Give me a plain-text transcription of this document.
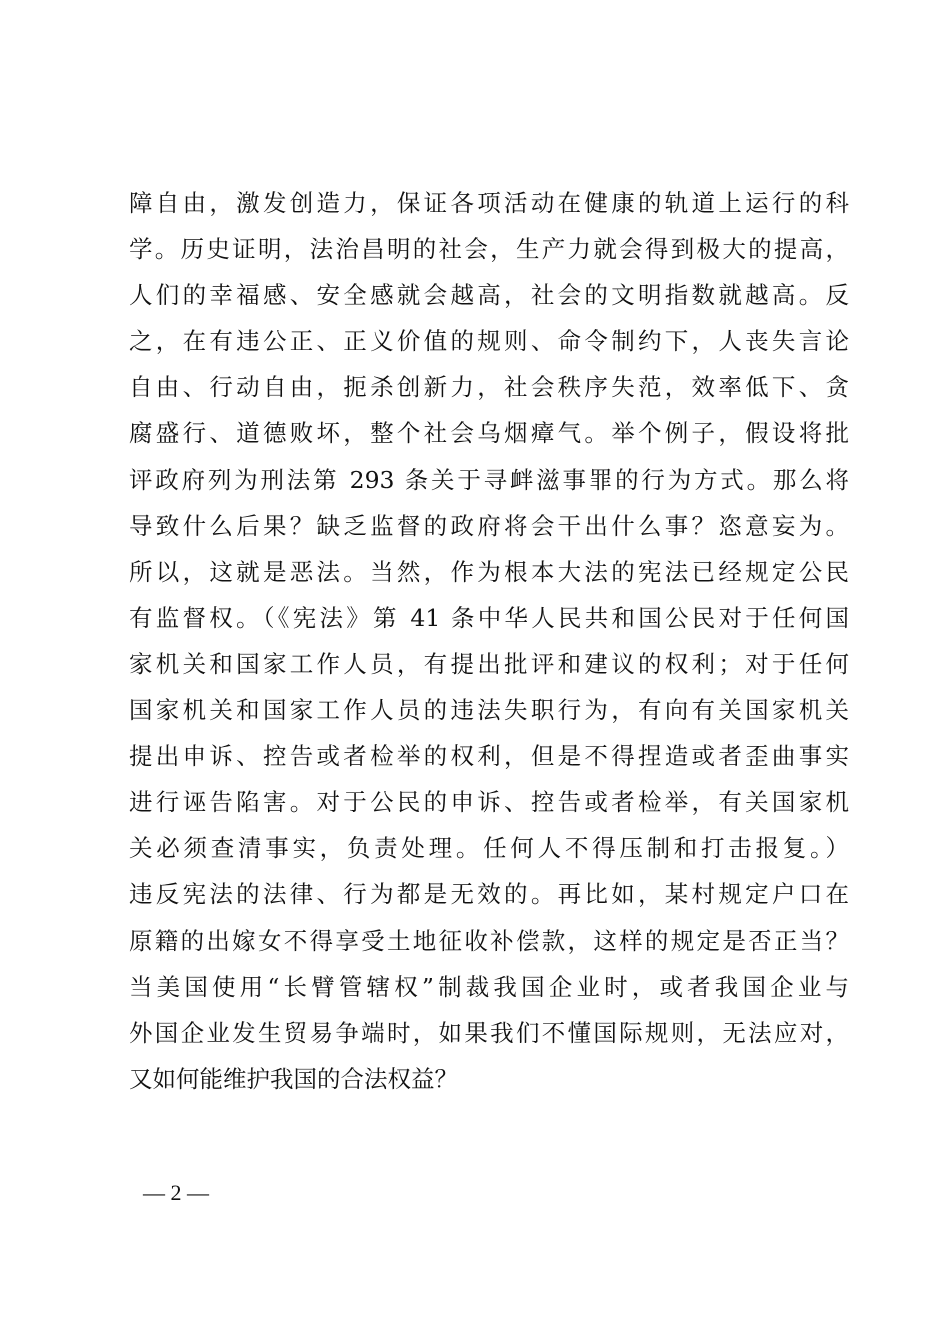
障自由，激发创造力，保证各项活动在健康的轨道上运行的科
学。历史证明，法治昌明的社会，生产力就会得到极大的提高，
人们的幸福感、安全感就会越高，社会的文明指数就越高。反
之，在有违公正、正义价值的规则、命令制约下，人丧失言论
自由、行动自由，扼杀创新力，社会秩序失范，效率低下、贪
腐盛行、道德败坏，整个社会乌烟瘴气。举个例子，假设将批
评政府列为刑法第 293 条关于寻衅滋事罪的行为方式。那么将
导致什么后果？缺乏监督的政府将会干出什么事？恣意妄为。
所以，这就是恶法。当然，作为根本大法的宪法已经规定公民
有监督权。（《宪法》第 41 条中华人民共和国公民对于任何国
家机关和国家工作人员，有提出批评和建议的权利；对于任何
国家机关和国家工作人员的违法失职行为，有向有关国家机关
提出申诉、控告或者检举的权利，但是不得捏造或者歪曲事实
进行诬告陷害。对于公民的申诉、控告或者检举，有关国家机
关必须查清事实，负责处理。任何人不得压制和打击报复。）
违反宪法的法律、行为都是无效的。再比如，某村规定户口在
原籍的出嫁女不得享受土地征收补偿款，这样的规定是否正当？
当美国使用“长臂管辖权”制裁我国企业时，或者我国企业与
外国企业发生贸易争端时，如果我们不懂国际规则，无法应对，
又如何能维护我国的合法权益？
— 2 —
